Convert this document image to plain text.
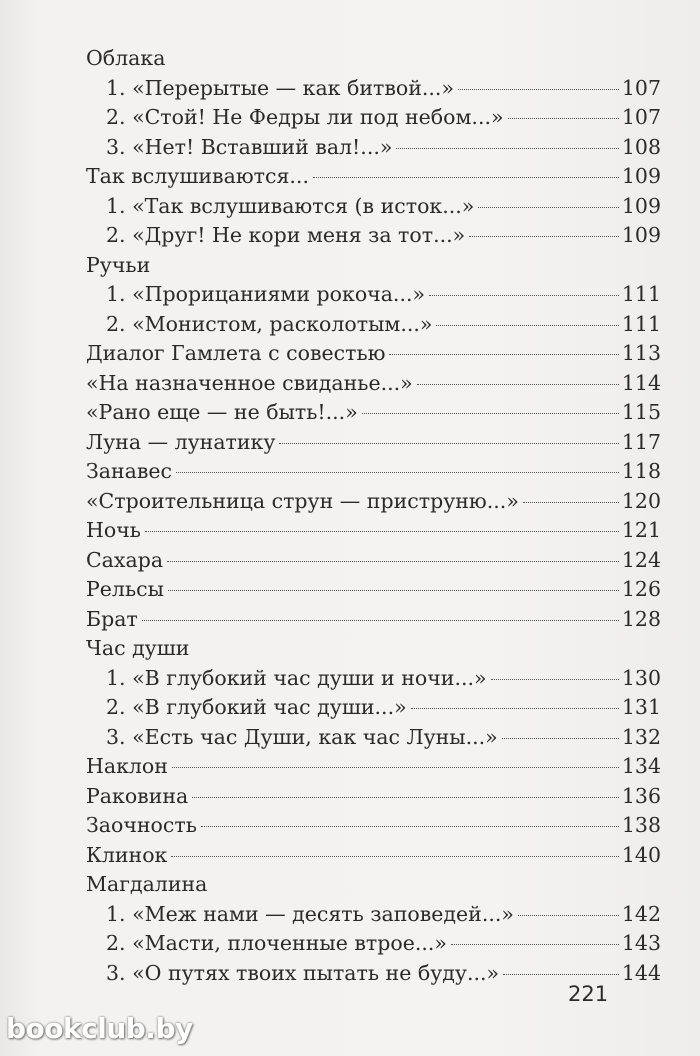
Облака
1. «Перерытые — как битвой...»	107
2. «Стой! Не Федры ли под небом...»	107
3. «Нет! Вставший вал!...»	108
Так вслушиваются...	109
1. «Так вслушиваются (в исток...»	109
2. «Друг! Не кори меня за тот...»	109
Ручьи
1. «Прорицаниями рокоча...»	111
2. «Монистом, расколотым...»	111
Диалог Гамлета с совестью	113
«На назначенное свиданье...»	114
«Рано еще — не быть!...»	115
Луна — лунатику	117
Занавес	118
«Строительница струн — приструню...»	120
Ночь	121
Сахара	124
Рельсы	126
Брат	128
Час души
1. «В глубокий час души и ночи...»	130
2. «В глубокий час души...»	131
3. «Есть час Души, как час Луны...»	132
Наклон	134
Раковина	136
Заочность	138
Клинок	140
Магдалина
1. «Меж нами — десять заповедей...»	142
2. «Масти, плоченные втрое...»	143
3. «О путях твоих пытать не буду...»	144
221
bookclub.by
